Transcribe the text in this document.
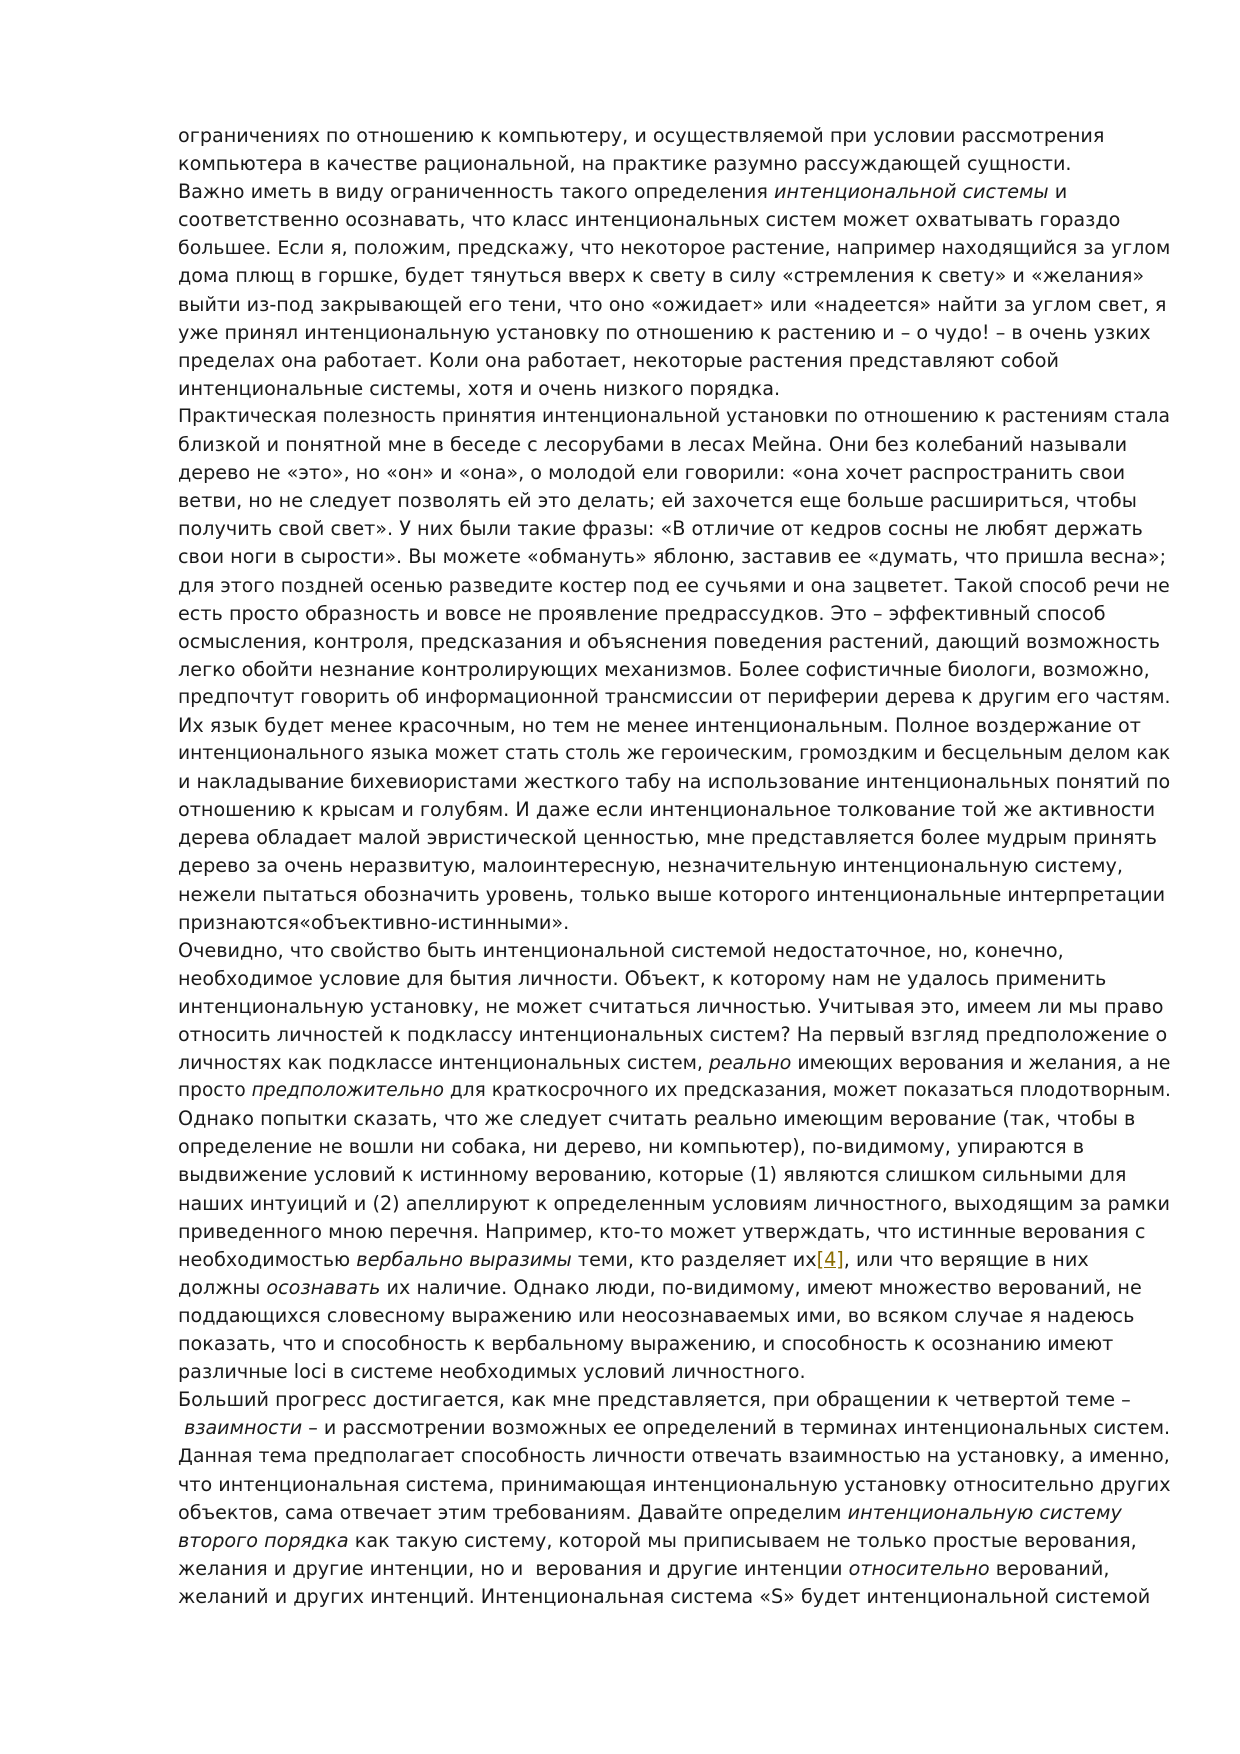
ограничениях по отношению к компьютеру, и осуществляемой при условии рассмотрения
компьютера в качестве рациональной, на практике разумно рассуждающей сущности.
Важно иметь в виду ограниченность такого определения интенциональной системы и
соответственно осознавать, что класс интенциональных систем может охватывать гораздо
большее. Если я, положим, предскажу, что некоторое растение, например находящийся за углом
дома плющ в горшке, будет тянуться вверх к свету в силу «стремления к свету» и «желания»
выйти из-под закрывающей его тени, что оно «ожидает» или «надеется» найти за углом свет, я
уже принял интенциональную установку по отношению к растению и – о чудо! – в очень узких
пределах она работает. Коли она работает, некоторые растения представляют собой
интенциональные системы, хотя и очень низкого порядка.
Практическая полезность принятия интенциональной установки по отношению к растениям стала
близкой и понятной мне в беседе с лесорубами в лесах Мейна. Они без колебаний называли
дерево не «это», но «он» и «она», о молодой ели говорили: «она хочет распространить свои
ветви, но не следует позволять ей это делать; ей захочется еще больше расшириться, чтобы
получить свой свет». У них были такие фразы: «В отличие от кедров сосны не любят держать
свои ноги в сырости». Вы можете «обмануть» яблоню, заставив ее «думать, что пришла весна»;
для этого поздней осенью разведите костер под ее сучьями и она зацветет. Такой способ речи не
есть просто образность и вовсе не проявление предрассудков. Это – эффективный способ
осмысления, контроля, предсказания и объяснения поведения растений, дающий возможность
легко обойти незнание контролирующих механизмов. Более софистичные биологи, возможно,
предпочтут говорить об информационной трансмиссии от периферии дерева к другим его частям.
Их язык будет менее красочным, но тем не менее интенциональным. Полное воздержание от
интенционального языка может стать столь же героическим, громоздким и бесцельным делом как
и накладывание бихевиористами жесткого табу на использование интенциональных понятий по
отношению к крысам и голубям. И даже если интенциональное толкование той же активности
дерева обладает малой эвристической ценностью, мне представляется более мудрым принять
дерево за очень неразвитую, малоинтересную, незначительную интенциональную систему,
нежели пытаться обозначить уровень, только выше которого интенциональные интерпретации
признаются«объективно-истинными».
Очевидно, что свойство быть интенциональной системой недостаточное, но, конечно,
необходимое условие для бытия личности. Объект, к которому нам не удалось применить
интенциональную установку, не может считаться личностью. Учитывая это, имеем ли мы право
относить личностей к подклассу интенциональных систем? На первый взгляд предположение о
личностях как подклассе интенциональных систем, реально имеющих верования и желания, а не
просто предположительно для краткосрочного их предсказания, может показаться плодотворным.
Однако попытки сказать, что же следует считать реально имеющим верование (так, чтобы в
определение не вошли ни собака, ни дерево, ни компьютер), по-видимому, упираются в
выдвижение условий к истинному верованию, которые (1) являются слишком сильными для
наших интуиций и (2) апеллируют к определенным условиям личностного, выходящим за рамки
приведенного мною перечня. Например, кто-то может утверждать, что истинные верования с
необходимостью вербально выразимы теми, кто разделяет их[4], или что верящие в них
должны осознавать их наличие. Однако люди, по-видимому, имеют множество верований, не
поддающихся словесному выражению или неосознаваемых ими, во всяком случае я надеюсь
показать, что и способность к вербальному выражению, и способность к осознанию имеют
различные loci в системе необходимых условий личностного.
Больший прогресс достигается, как мне представляется, при обращении к четвертой теме –
взаимности – и рассмотрении возможных ее определений в терминах интенциональных систем.
Данная тема предполагает способность личности отвечать взаимностью на установку, а именно,
что интенциональная система, принимающая интенциональную установку относительно других
объектов, сама отвечает этим требованиям. Давайте определим интенциональную систему
второго порядка как такую систему, которой мы приписываем не только простые верования,
желания и другие интенции, но и  верования и другие интенции относительно верований,
желаний и других интенций. Интенциональная система «S» будет интенциональной системой
